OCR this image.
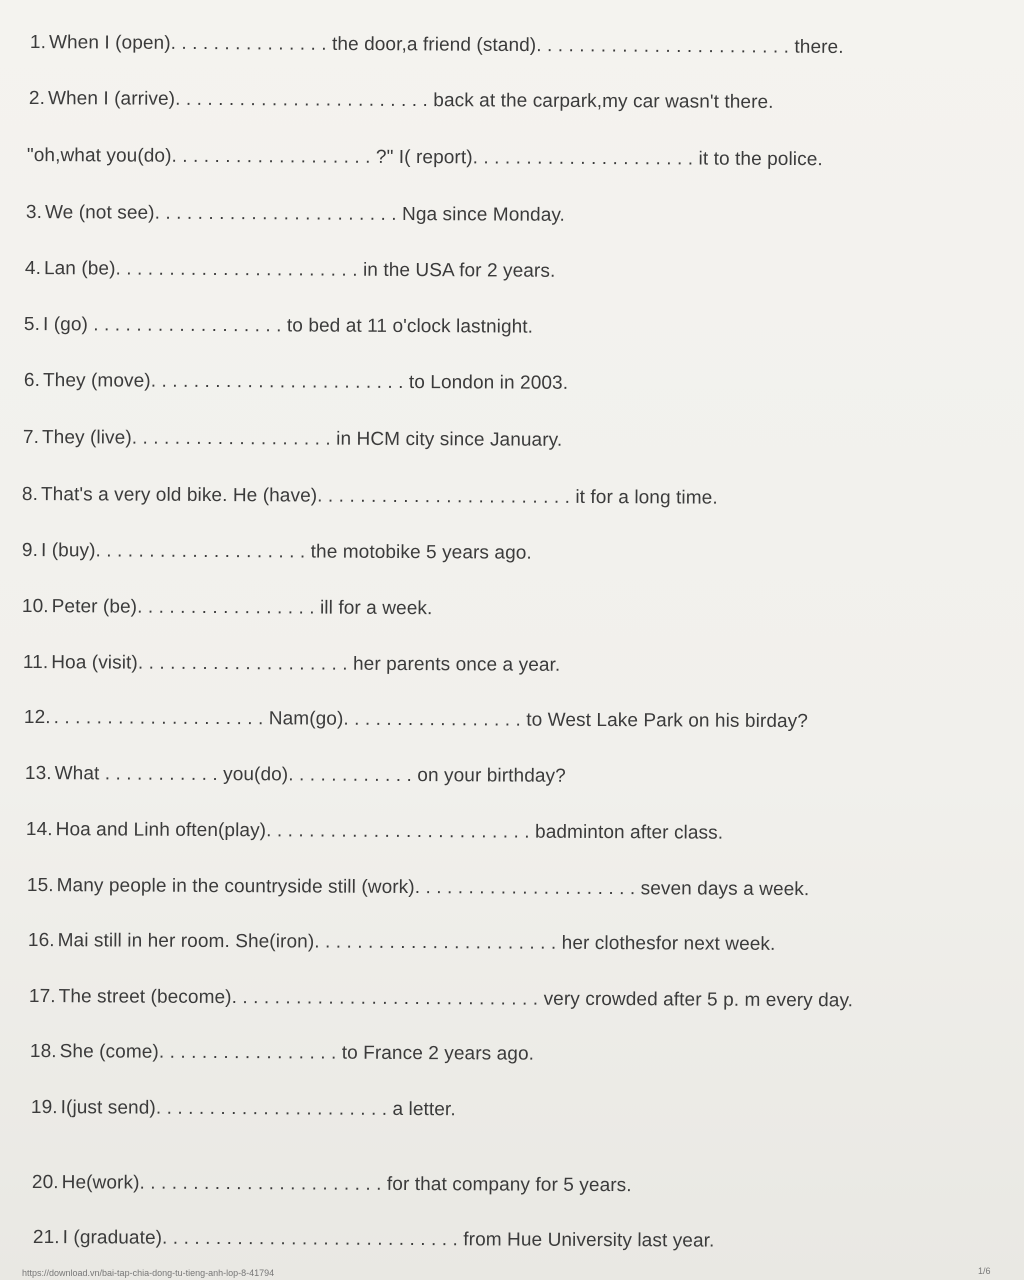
1. When I (open). . . . . . . . . . . . . . . the door,a friend (stand). . . . . . . . . . . . . . . . . . . . . . . . there.
2. When I (arrive). . . . . . . . . . . . . . . . . . . . . . . . back at the carpark,my car wasn't there.
"oh,what you(do). . . . . . . . . . . . . . . . . . . ?" I( report). . . . . . . . . . . . . . . . . . . . . it to the police.
3. We (not see). . . . . . . . . . . . . . . . . . . . . . . Nga since Monday.
4. Lan (be). . . . . . . . . . . . . . . . . . . . . . . in the USA for 2 years.
5. I (go) . . . . . . . . . . . . . . . . . . to bed at 11 o'clock lastnight.
6. They (move). . . . . . . . . . . . . . . . . . . . . . . . to London in 2003.
7. They (live). . . . . . . . . . . . . . . . . . . in HCM city since January.
8. That's a very old bike. He (have). . . . . . . . . . . . . . . . . . . . . . . . it for a long time.
9. I (buy). . . . . . . . . . . . . . . . . . . . the motobike 5 years ago.
10. Peter (be). . . . . . . . . . . . . . . . . ill for a week.
11. Hoa (visit). . . . . . . . . . . . . . . . . . . . her parents once a year.
12. . . . . . . . . . . . . . . . . . . . . Nam(go). . . . . . . . . . . . . . . . . to West Lake Park on his birday?
13. What . . . . . . . . . . . you(do). . . . . . . . . . . . on your birthday?
14. Hoa and Linh often(play). . . . . . . . . . . . . . . . . . . . . . . . . badminton after class.
15. Many people in the countryside still (work). . . . . . . . . . . . . . . . . . . . . seven days a week.
16. Mai still in her room. She(iron). . . . . . . . . . . . . . . . . . . . . . . her clothesfor next week.
17. The street (become). . . . . . . . . . . . . . . . . . . . . . . . . . . . . very crowded after 5 p. m every day.
18. She (come). . . . . . . . . . . . . . . . . to France 2 years ago.
19. I(just send). . . . . . . . . . . . . . . . . . . . . . a letter.
20. He(work). . . . . . . . . . . . . . . . . . . . . . . for that company for 5 years.
21. I (graduate). . . . . . . . . . . . . . . . . . . . . . . . . . . . from Hue University last year.
https://download.vn/bai-tap-chia-dong-tu-tieng-anh-lop-8-41794	1/6
